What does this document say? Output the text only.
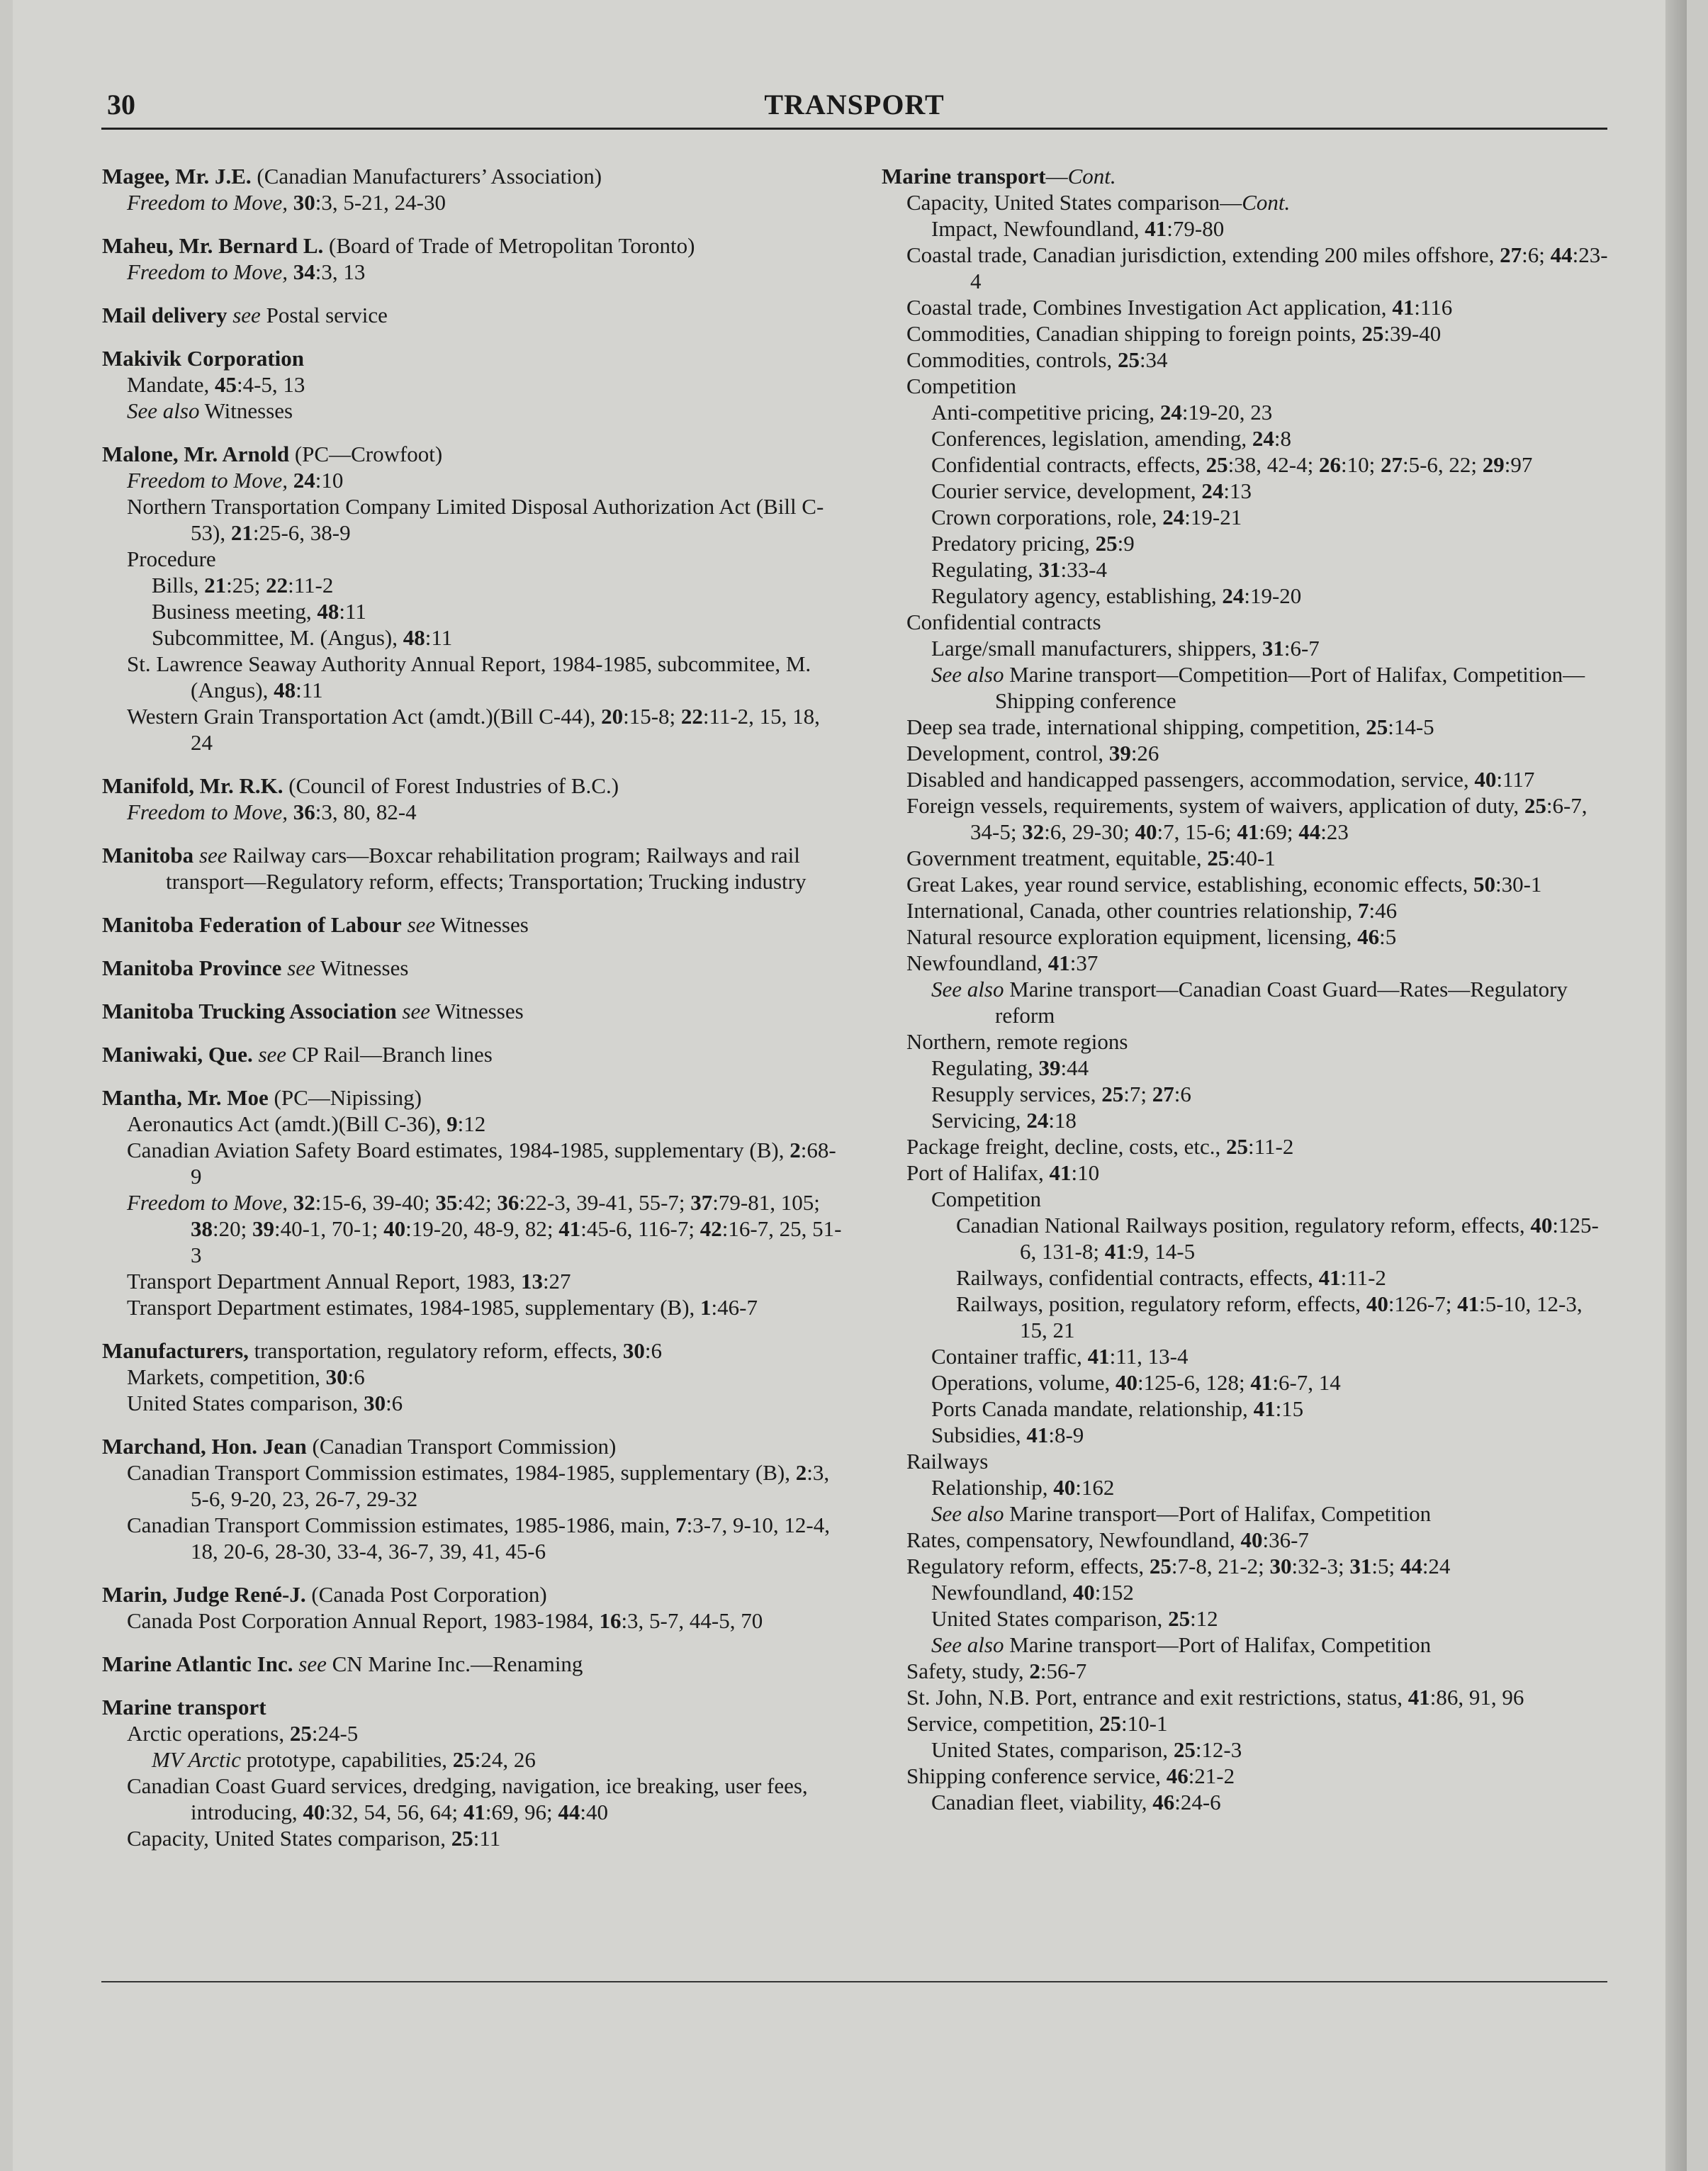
30	TRANSPORT
Magee, Mr. J.E. (Canadian Manufacturers’ Association)
Freedom to Move, 30:3, 5-21, 24-30
Maheu, Mr. Bernard L. (Board of Trade of Metropolitan Toronto)
Freedom to Move, 34:3, 13
Mail delivery see Postal service
Makivik Corporation
Mandate, 45:4-5, 13
See also Witnesses
Malone, Mr. Arnold (PC—Crowfoot)
Freedom to Move, 24:10
Northern Transportation Company Limited Disposal Authorization Act (Bill C-53), 21:25-6, 38-9
Procedure
Bills, 21:25; 22:11-2
Business meeting, 48:11
Subcommittee, M. (Angus), 48:11
St. Lawrence Seaway Authority Annual Report, 1984-1985, subcommitee, M.(Angus), 48:11
Western Grain Transportation Act (amdt.)(Bill C-44), 20:15-8; 22:11-2, 15, 18, 24
Manifold, Mr. R.K. (Council of Forest Industries of B.C.)
Freedom to Move, 36:3, 80, 82-4
Manitoba see Railway cars—Boxcar rehabilitation program; Railways and rail transport—Regulatory reform, effects; Transportation; Trucking industry
Manitoba Federation of Labour see Witnesses
Manitoba Province see Witnesses
Manitoba Trucking Association see Witnesses
Maniwaki, Que. see CP Rail—Branch lines
Mantha, Mr. Moe (PC—Nipissing)
Aeronautics Act (amdt.)(Bill C-36), 9:12
Canadian Aviation Safety Board estimates, 1984-1985, supplementary (B), 2:68-9
Freedom to Move, 32:15-6, 39-40; 35:42; 36:22-3, 39-41, 55-7; 37:79-81, 105; 38:20; 39:40-1, 70-1; 40:19-20, 48-9, 82; 41:45-6, 116-7; 42:16-7, 25, 51-3
Transport Department Annual Report, 1983, 13:27
Transport Department estimates, 1984-1985, supplementary (B), 1:46-7
Manufacturers, transportation, regulatory reform, effects, 30:6
Markets, competition, 30:6
United States comparison, 30:6
Marchand, Hon. Jean (Canadian Transport Commission)
Canadian Transport Commission estimates, 1984-1985, supplementary (B), 2:3, 5-6, 9-20, 23, 26-7, 29-32
Canadian Transport Commission estimates, 1985-1986, main, 7:3-7, 9-10, 12-4, 18, 20-6, 28-30, 33-4, 36-7, 39, 41, 45-6
Marin, Judge René-J. (Canada Post Corporation)
Canada Post Corporation Annual Report, 1983-1984, 16:3, 5-7, 44-5, 70
Marine Atlantic Inc. see CN Marine Inc.—Renaming
Marine transport
Arctic operations, 25:24-5
MV Arctic prototype, capabilities, 25:24, 26
Canadian Coast Guard services, dredging, navigation, ice breaking, user fees, introducing, 40:32, 54, 56, 64; 41:69, 96; 44:40
Capacity, United States comparison, 25:11
Marine transport—Cont.
Capacity, United States comparison—Cont.
Impact, Newfoundland, 41:79-80
Coastal trade, Canadian jurisdiction, extending 200 miles offshore, 27:6; 44:23-4
Coastal trade, Combines Investigation Act application, 41:116
Commodities, Canadian shipping to foreign points, 25:39-40
Commodities, controls, 25:34
Competition
Anti-competitive pricing, 24:19-20, 23
Conferences, legislation, amending, 24:8
Confidential contracts, effects, 25:38, 42-4; 26:10; 27:5-6, 22; 29:97
Courier service, development, 24:13
Crown corporations, role, 24:19-21
Predatory pricing, 25:9
Regulating, 31:33-4
Regulatory agency, establishing, 24:19-20
Confidential contracts
Large/small manufacturers, shippers, 31:6-7
See also Marine transport—Competition—Port of Halifax, Competition—Shipping conference
Deep sea trade, international shipping, competition, 25:14-5
Development, control, 39:26
Disabled and handicapped passengers, accommodation, service, 40:117
Foreign vessels, requirements, system of waivers, application of duty, 25:6-7, 34-5; 32:6, 29-30; 40:7, 15-6; 41:69; 44:23
Government treatment, equitable, 25:40-1
Great Lakes, year round service, establishing, economic effects, 50:30-1
International, Canada, other countries relationship, 7:46
Natural resource exploration equipment, licensing, 46:5
Newfoundland, 41:37
See also Marine transport—Canadian Coast Guard—Rates—Regulatory reform
Northern, remote regions
Regulating, 39:44
Resupply services, 25:7; 27:6
Servicing, 24:18
Package freight, decline, costs, etc., 25:11-2
Port of Halifax, 41:10
Competition
Canadian National Railways position, regulatory reform, effects, 40:125-6, 131-8; 41:9, 14-5
Railways, confidential contracts, effects, 41:11-2
Railways, position, regulatory reform, effects, 40:126-7; 41:5-10, 12-3, 15, 21
Container traffic, 41:11, 13-4
Operations, volume, 40:125-6, 128; 41:6-7, 14
Ports Canada mandate, relationship, 41:15
Subsidies, 41:8-9
Railways
Relationship, 40:162
See also Marine transport—Port of Halifax, Competition
Rates, compensatory, Newfoundland, 40:36-7
Regulatory reform, effects, 25:7-8, 21-2; 30:32-3; 31:5; 44:24
Newfoundland, 40:152
United States comparison, 25:12
See also Marine transport—Port of Halifax, Competition
Safety, study, 2:56-7
St. John, N.B. Port, entrance and exit restrictions, status, 41:86, 91, 96
Service, competition, 25:10-1
United States, comparison, 25:12-3
Shipping conference service, 46:21-2
Canadian fleet, viability, 46:24-6
